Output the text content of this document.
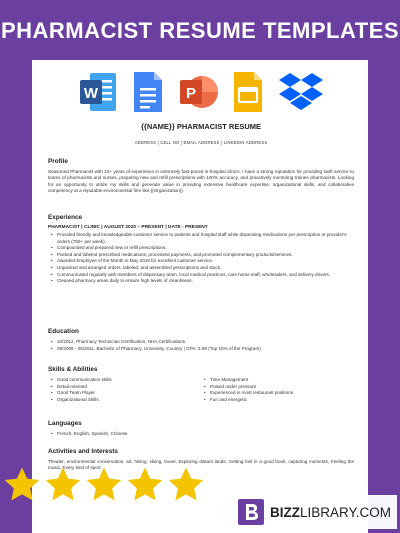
PHARMACIST RESUME TEMPLATES
W	P
{{NAME}} PHARMACIST RESUME
ADDRESS | CELL NO | EMAIL ADDRESS | LINKEDIN ADDRESS
Profile

Seasoned Pharmacist with 10+ years of experience in extremely fast-paced in-hospital clinics. I have a strong reputation for providing swift service to teams of pharmacists and nurses, preparing new and refill prescriptions with 100% accuracy, and proactively mentoring trainee pharmacists. Looking for an opportunity to utilize my skills and generate value in providing extensive healthcare expertise, organizational skills, and collaborative competency at a reputable environmental firm like {{Organization}}.

Experience

PHARMACIST | CLINIC | AUGUST 2020 – PRESENT | DATE - PRESENT

• Provided friendly and knowledgeable customer service to patients and hospital staff while dispensing medications per prescription or provider's orders (750+ per week).
• Compounded and prepared new or refill prescriptions.
• Packed and labeled prescribed medications, processed payments, and promoted complementary products/services.
• Awarded Employee of the Month in May 2019 for excellent customer service.
• Unpacked and arranged orders, labeled, and assembled prescriptions and stock.
• Communicated regularly with members of dispensary team, local medical practices, care home staff, wholesalers, and delivery drivers.
• Cleaned pharmacy areas daily to ensure high levels of cleanliness.
Education
• 10/2012, Pharmacy Technician Certification, NHA Certifications
• 09/2008 - 05/2011, Bachelor of Pharmacy, University, Country | GPA: 3.99 (Top 10% of the Program)
Skills & Abilities
• Good communication skills
• Detail-oriented
• Good Team Player
• Organizational Skills
• Time Management
• Poised under pressure
• Experienced in most restaurant positions
• Fun and energetic
Languages
• French, English, Spanish, Chinese
Activities and Interests

Theater, environmental conservation, art, hiking, skiing, travel, Exploring distant lands, Getting lost in a good book, capturing moments, Feeling the music, Every kind of sport

BIZZLIBRARY.COM
